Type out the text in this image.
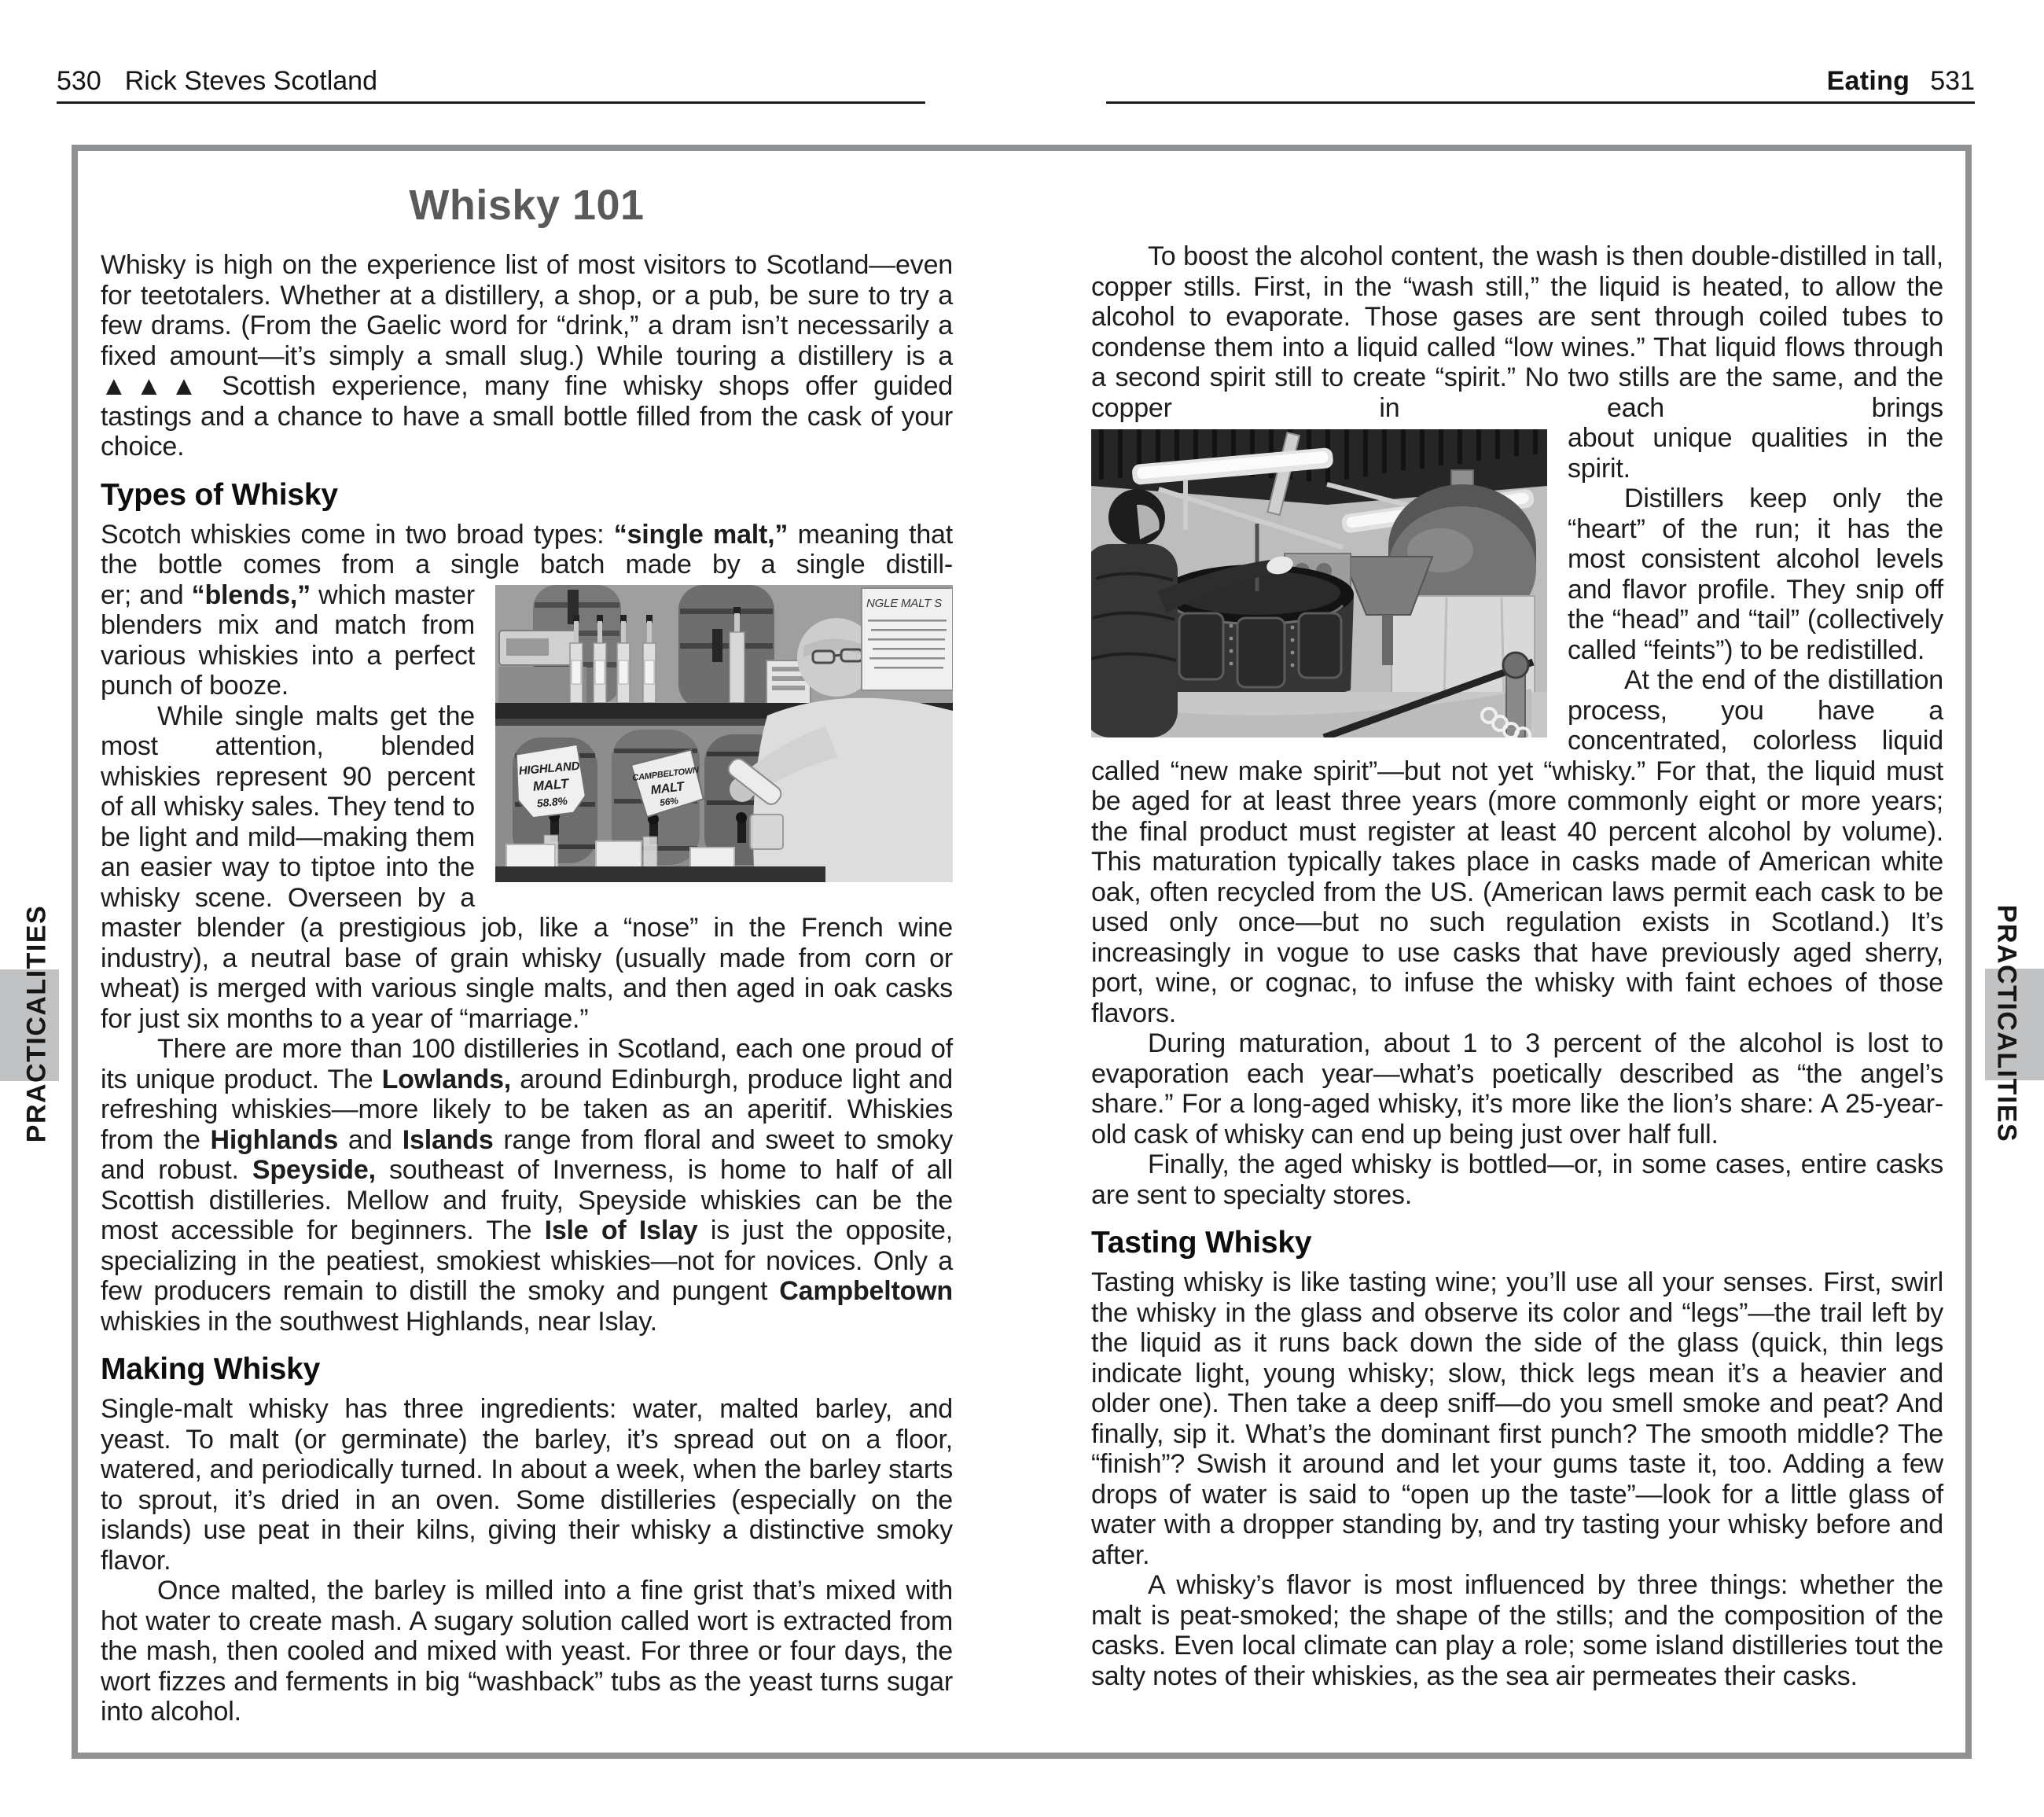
530 Rick Steves Scotland	Eating 531
PRACTICALITIES	PRACTICALITIES
Whisky 101

Whisky is high on the experience list of most visitors to Scotland—even for teetotalers. Whether at a distillery, a shop, or a pub, be sure to try a few drams. (From the Gaelic word for “drink,” a dram isn’t necessarily a fixed amount—it’s simply a small slug.) While touring a distillery is a ▲▲▲ Scottish experience, many fine whisky shops offer guided tastings and a chance to have a small bottle filled from the cask of your choice.

Types of Whisky

Scotch whiskies come in two broad types: “single malt,” meaning that the bottle comes from a single batch made by a single distill-

HIGHLAND
MALT
58.8%
CAMPBELTOWN
MALT
56%
NGLE MALT S

er; and “blends,” which master blenders mix and match from various whiskies into a perfect punch of booze.

While single malts get the most attention, blended whiskies represent 90 percent of all whisky sales. They tend to be light and mild—making them an easier way to tiptoe into the whisky scene. Overseen by a master blender (a prestigious job, like a “nose” in the French wine industry), a neutral base of grain whisky (usually made from corn or wheat) is merged with various single malts, and then aged in oak casks for just six months to a year of “marriage.”

There are more than 100 distilleries in Scotland, each one proud of its unique product. The Lowlands, around Edinburgh, produce light and refreshing whiskies—more likely to be taken as an aperitif. Whiskies from the Highlands and Islands range from floral and sweet to smoky and robust. Speyside, southeast of Inverness, is home to half of all Scottish distilleries. Mellow and fruity, Speyside whiskies can be the most accessible for beginners. The Isle of Islay is just the opposite, specializing in the peatiest, smokiest whiskies—not for novices. Only a few producers remain to distill the smoky and pungent Campbeltown whiskies in the southwest Highlands, near Islay.

Making Whisky

Single-malt whisky has three ingredients: water, malted barley, and yeast. To malt (or germinate) the barley, it’s spread out on a floor, watered, and periodically turned. In about a week, when the barley starts to sprout, it’s dried in an oven. Some distilleries (especially on the islands) use peat in their kilns, giving their whisky a distinctive smoky flavor.

Once malted, the barley is milled into a fine grist that’s mixed with hot water to create mash. A sugary solution called wort is extracted from the mash, then cooled and mixed with yeast. For three or four days, the wort fizzes and ferments in big “washback” tubs as the yeast turns sugar into alcohol.

To boost the alcohol content, the wash is then double-distilled in tall, copper stills. First, in the “wash still,” the liquid is heated, to allow the alcohol to evaporate. Those gases are sent through coiled tubes to condense them into a liquid called “low wines.” That liquid flows through a second spirit still to create “spirit.” No two stills are the same, and the copper in each brings

about unique qualities in the spirit.

Distillers keep only the “heart” of the run; it has the most consistent alcohol levels and flavor profile. They snip off the “head” and “tail” (collectively called “feints”) to be redistilled.

At the end of the distillation process, you have a concentrated, colorless liquid called “new make spirit”—but not yet “whisky.” For that, the liquid must be aged for at least three years (more commonly eight or more years; the final product must register at least 40 percent alcohol by volume). This maturation typically takes place in casks made of American white oak, often recycled from the US. (American laws permit each cask to be used only once—but no such regulation exists in Scotland.) It’s increasingly in vogue to use casks that have previously aged sherry, port, wine, or cognac, to infuse the whisky with faint echoes of those flavors.

During maturation, about 1 to 3 percent of the alcohol is lost to evaporation each year—what’s poetically described as “the angel’s share.” For a long-aged whisky, it’s more like the lion’s share: A 25-year-old cask of whisky can end up being just over half full.

Finally, the aged whisky is bottled—or, in some cases, entire casks are sent to specialty stores.

Tasting Whisky

Tasting whisky is like tasting wine; you’ll use all your senses. First, swirl the whisky in the glass and observe its color and “legs”—the trail left by the liquid as it runs back down the side of the glass (quick, thin legs indicate light, young whisky; slow, thick legs mean it’s a heavier and older one). Then take a deep sniff—do you smell smoke and peat? And finally, sip it. What’s the dominant first punch? The smooth middle? The “finish”? Swish it around and let your gums taste it, too. Adding a few drops of water is said to “open up the taste”—look for a little glass of water with a dropper standing by, and try tasting your whisky before and after.

A whisky’s flavor is most influenced by three things: whether the malt is peat-smoked; the shape of the stills; and the composition of the casks. Even local climate can play a role; some island distilleries tout the salty notes of their whiskies, as the sea air permeates their casks.
